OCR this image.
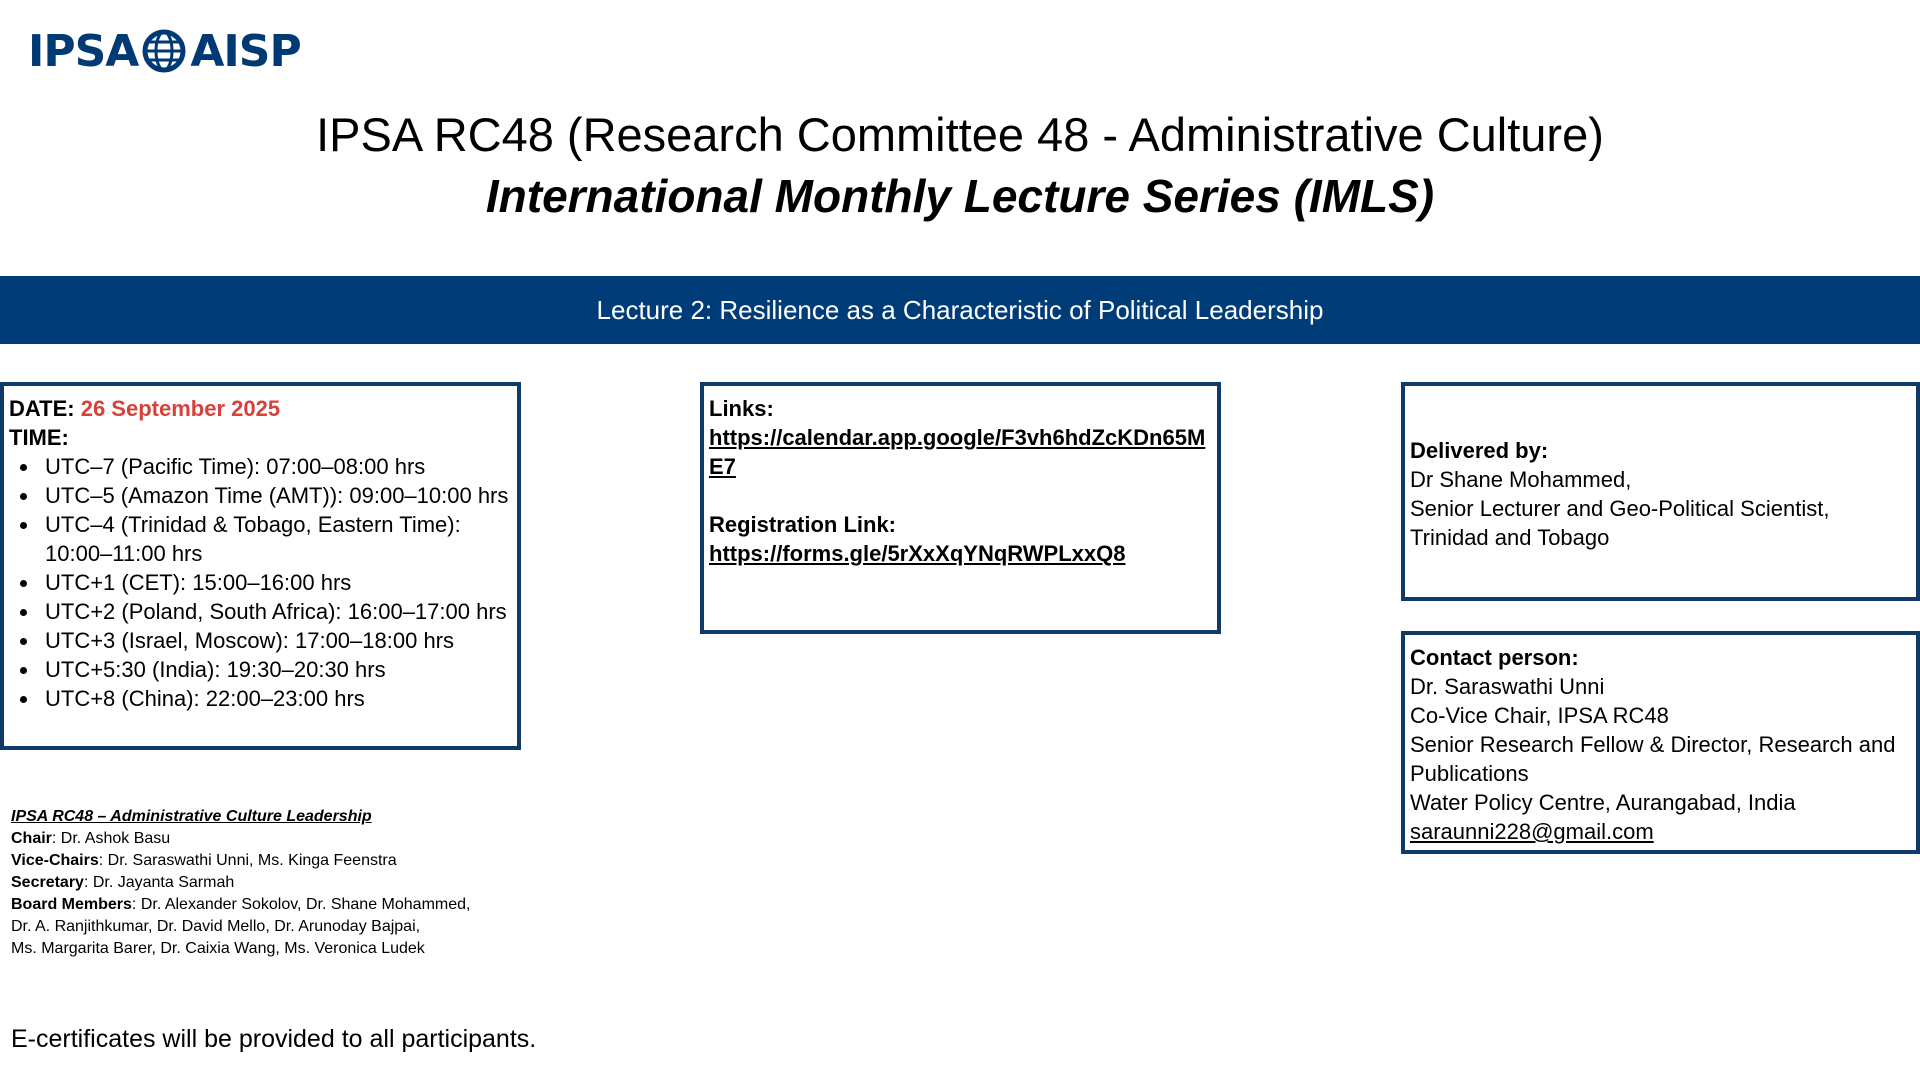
IPSA AISP
IPSA RC48 (Research Committee 48 - Administrative Culture)
International Monthly Lecture Series (IMLS)
Lecture 2: Resilience as a Characteristic of Political Leadership
DATE: 26 September 2025
TIME:
• UTC–7 (Pacific Time): 07:00–08:00 hrs
• UTC–5 (Amazon Time (AMT)): 09:00–10:00 hrs
• UTC–4 (Trinidad & Tobago, Eastern Time): 10:00–11:00 hrs
• UTC+1 (CET): 15:00–16:00 hrs
• UTC+2 (Poland, South Africa): 16:00–17:00 hrs
• UTC+3 (Israel, Moscow): 17:00–18:00 hrs
• UTC+5:30 (India): 19:30–20:30 hrs
• UTC+8 (China): 22:00–23:00 hrs
Links:
https://calendar.app.google/F3vh6hdZcKDn65ME7
Registration Link:
https://forms.gle/5rXxXqYNqRWPLxxQ8
Delivered by:
Dr Shane Mohammed,
Senior Lecturer and Geo-Political Scientist,
Trinidad and Tobago
Contact person:
Dr. Saraswathi Unni
Co-Vice Chair, IPSA RC48
Senior Research Fellow & Director, Research and Publications
Water Policy Centre, Aurangabad, India
saraunni228@gmail.com
IPSA RC48 – Administrative Culture Leadership
Chair: Dr. Ashok Basu
Vice-Chairs: Dr. Saraswathi Unni, Ms. Kinga Feenstra
Secretary: Dr. Jayanta Sarmah
Board Members: Dr. Alexander Sokolov, Dr. Shane Mohammed,
Dr. A. Ranjithkumar, Dr. David Mello, Dr. Arunoday Bajpai,
Ms. Margarita Barer, Dr. Caixia Wang, Ms. Veronica Ludek
E-certificates will be provided to all participants.
